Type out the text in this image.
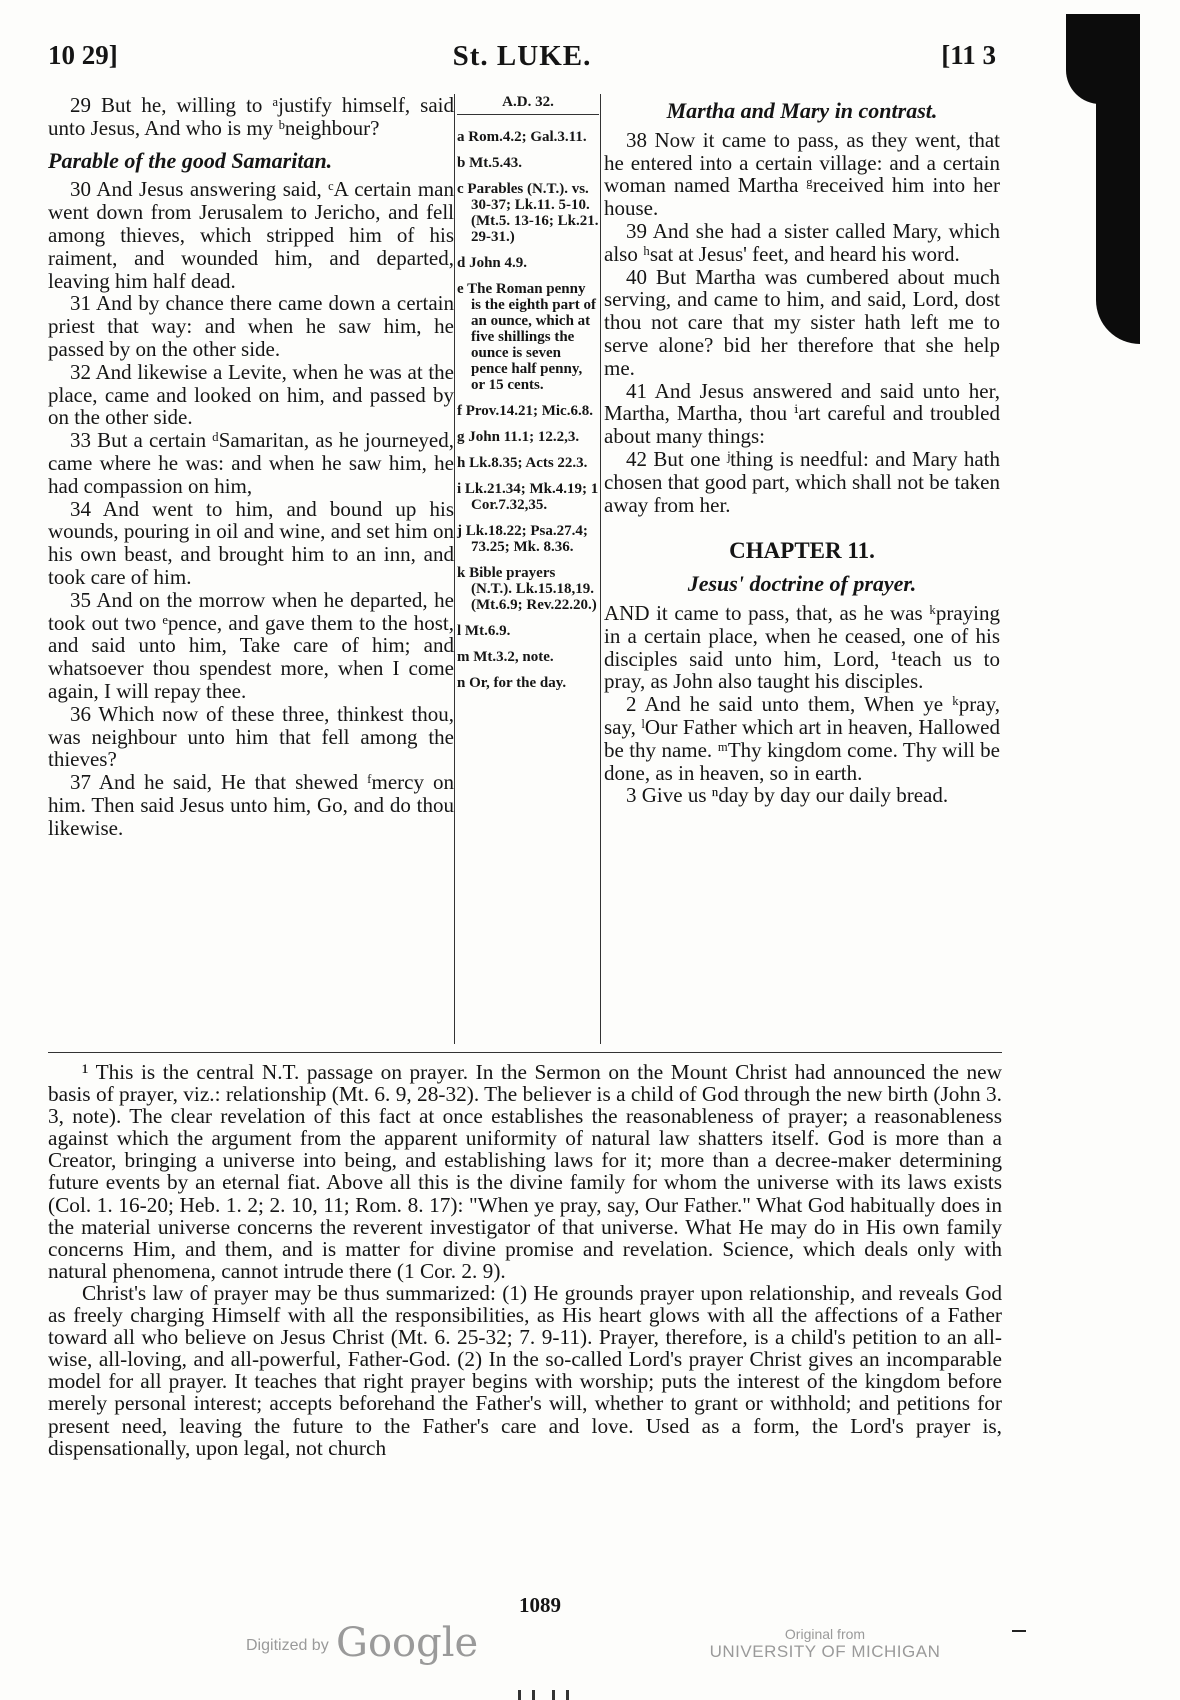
10 29]	St. LUKE.	[11 3

29 But he, willing to ᵃjustify himself, said unto Jesus, And who is my ᵇneighbour?

Parable of the good Samaritan.

30 And Jesus answering said, ᶜA certain man went down from Jerusalem to Jericho, and fell among thieves, which stripped him of his raiment, and wounded him, and departed, leaving him half dead.

31 And by chance there came down a certain priest that way: and when he saw him, he passed by on the other side.

32 And likewise a Levite, when he was at the place, came and looked on him, and passed by on the other side.

33 But a certain ᵈSamaritan, as he journeyed, came where he was: and when he saw him, he had compassion on him,

34 And went to him, and bound up his wounds, pouring in oil and wine, and set him on his own beast, and brought him to an inn, and took care of him.

35 And on the morrow when he departed, he took out two ᵉpence, and gave them to the host, and said unto him, Take care of him; and whatsoever thou spendest more, when I come again, I will repay thee.

36 Which now of these three, thinkest thou, was neighbour unto him that fell among the thieves?

37 And he said, He that shewed ᶠmercy on him. Then said Jesus unto him, Go, and do thou likewise.

A.D. 32.
a Rom.4.2; Gal.3.11.
b Mt.5.43.
c Parables (N.T.). vs. 30-37; Lk.11. 5-10. (Mt.5. 13-16; Lk.21. 29-31.)
d John 4.9.
e The Roman penny is the eighth part of an ounce, which at five shillings the ounce is seven pence half penny, or 15 cents.
f Prov.14.21; Mic.6.8.
g John 11.1; 12.2,3.
h Lk.8.35; Acts 22.3.
i Lk.21.34; Mk.4.19; 1 Cor.7.32,35.
j Lk.18.22; Psa.27.4; 73.25; Mk. 8.36.
k Bible prayers (N.T.). Lk.15.18,19. (Mt.6.9; Rev.22.20.)
l Mt.6.9.
m Mt.3.2, note.
n Or, for the day.

Martha and Mary in contrast.

38 Now it came to pass, as they went, that he entered into a certain village: and a certain woman named Martha ᵍreceived him into her house.

39 And she had a sister called Mary, which also ʰsat at Jesus' feet, and heard his word.

40 But Martha was cumbered about much serving, and came to him, and said, Lord, dost thou not care that my sister hath left me to serve alone? bid her therefore that she help me.

41 And Jesus answered and said unto her, Martha, Martha, thou ⁱart careful and troubled about many things:

42 But one ʲthing is needful: and Mary hath chosen that good part, which shall not be taken away from her.

CHAPTER 11.

Jesus' doctrine of prayer.

AND it came to pass, that, as he was ᵏpraying in a certain place, when he ceased, one of his disciples said unto him, Lord, ¹teach us to pray, as John also taught his disciples.

2 And he said unto them, When ye ᵏpray, say, ˡOur Father which art in heaven, Hallowed be thy name. ᵐThy kingdom come. Thy will be done, as in heaven, so in earth.

3 Give us ⁿday by day our daily bread.

¹ This is the central N.T. passage on prayer. In the Sermon on the Mount Christ had announced the new basis of prayer, viz.: relationship (Mt. 6. 9, 28-32). The believer is a child of God through the new birth (John 3. 3, note). The clear revelation of this fact at once establishes the reasonableness of prayer; a reasonableness against which the argument from the apparent uniformity of natural law shatters itself. God is more than a Creator, bringing a universe into being, and establishing laws for it; more than a decree-maker determining future events by an eternal fiat. Above all this is the divine family for whom the universe with its laws exists (Col. 1. 16-20; Heb. 1. 2; 2. 10, 11; Rom. 8. 17): "When ye pray, say, Our Father." What God habitually does in the material universe concerns the reverent investigator of that universe. What He may do in His own family concerns Him, and them, and is matter for divine promise and revelation. Science, which deals only with natural phenomena, cannot intrude there (1 Cor. 2. 9).

Christ's law of prayer may be thus summarized: (1) He grounds prayer upon relationship, and reveals God as freely charging Himself with all the responsibilities, as His heart glows with all the affections of a Father toward all who believe on Jesus Christ (Mt. 6. 25-32; 7. 9-11). Prayer, therefore, is a child's petition to an all-wise, all-loving, and all-powerful, Father-God. (2) In the so-called Lord's prayer Christ gives an incomparable model for all prayer. It teaches that right prayer begins with worship; puts the interest of the kingdom before merely personal interest; accepts beforehand the Father's will, whether to grant or withhold; and petitions for present need, leaving the future to the Father's care and love. Used as a form, the Lord's prayer is, dispensationally, upon legal, not church

1089
Digitized by Google	Original from
UNIVERSITY OF MICHIGAN
